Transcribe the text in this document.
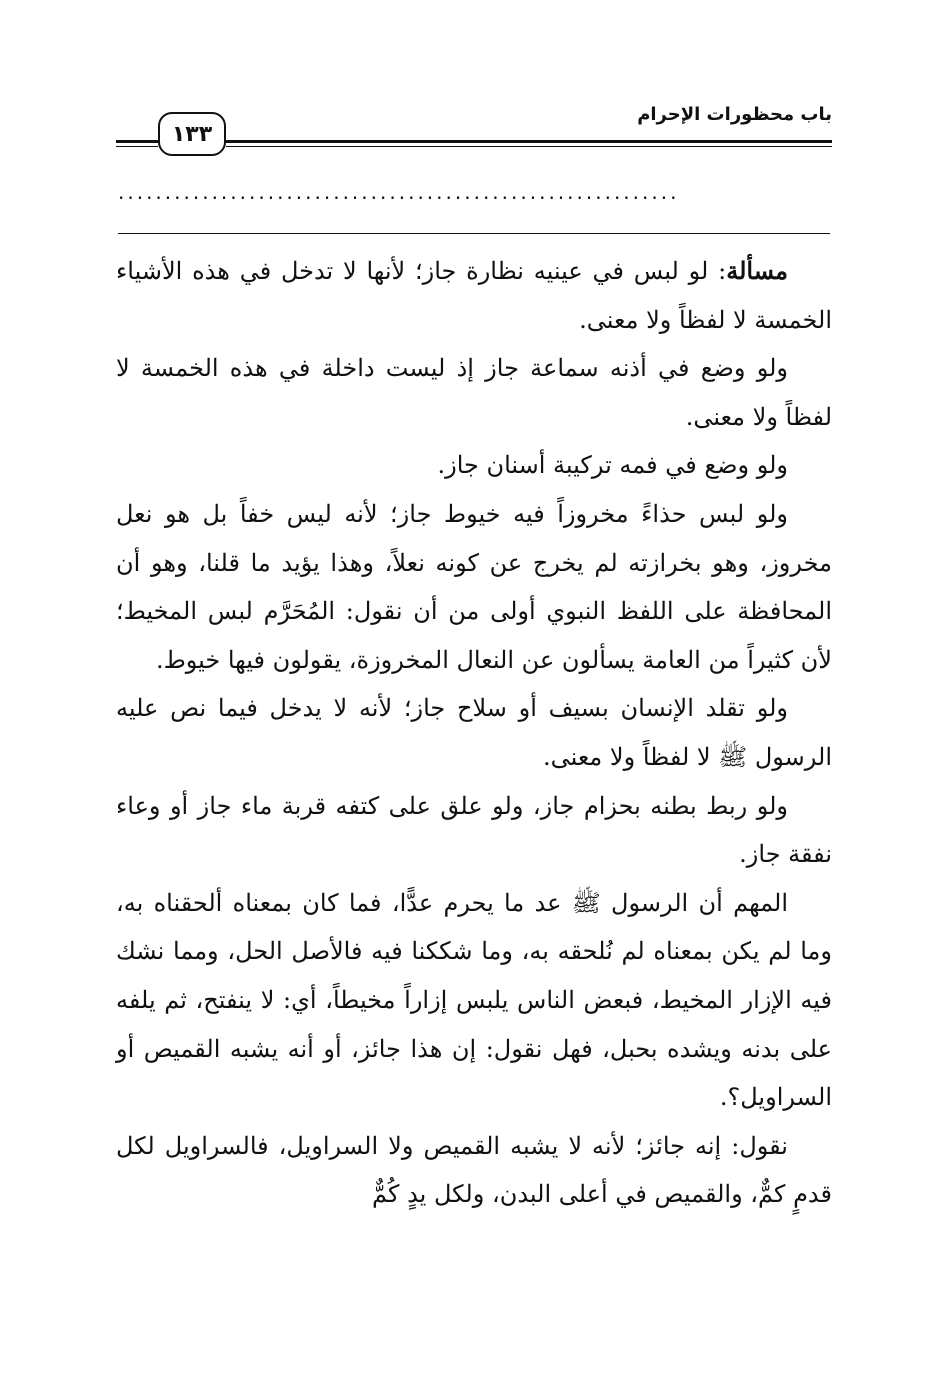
١٣٣
باب محظورات الإحرام
............................................................

مسألة: لو لبس في عينيه نظارة جاز؛ لأنها لا تدخل في هذه الأشياء الخمسة لا لفظاً ولا معنى.

ولو وضع في أذنه سماعة جاز إذ ليست داخلة في هذه الخمسة لا لفظاً ولا معنى.

ولو وضع في فمه تركيبة أسنان جاز.

ولو لبس حذاءً مخروزاً فيه خيوط جاز؛ لأنه ليس خفاً بل هو نعل مخروز، وهو بخرازته لم يخرج عن كونه نعلاً، وهذا يؤيد ما قلنا، وهو أن المحافظة على اللفظ النبوي أولى من أن نقول: المُحَرَّم لبس المخيط؛ لأن كثيراً من العامة يسألون عن النعال المخروزة، يقولون فيها خيوط.

ولو تقلد الإنسان بسيف أو سلاح جاز؛ لأنه لا يدخل فيما نص عليه الرسول ﷺ لا لفظاً ولا معنى.

ولو ربط بطنه بحزام جاز، ولو علق على كتفه قربة ماء جاز أو وعاء نفقة جاز.

المهم أن الرسول ﷺ عد ما يحرم عدًّا، فما كان بمعناه ألحقناه به، وما لم يكن بمعناه لم نُلحقه به، وما شككنا فيه فالأصل الحل، ومما نشك فيه الإزار المخيط، فبعض الناس يلبس إزاراً مخيطاً، أي: لا ينفتح، ثم يلفه على بدنه ويشده بحبل، فهل نقول: إن هذا جائز، أو أنه يشبه القميص أو السراويل؟.

نقول: إنه جائز؛ لأنه لا يشبه القميص ولا السراويل، فالسراويل لكل قدمٍ كمٌّ، والقميص في أعلى البدن، ولكل يدٍ كُمٌّ
